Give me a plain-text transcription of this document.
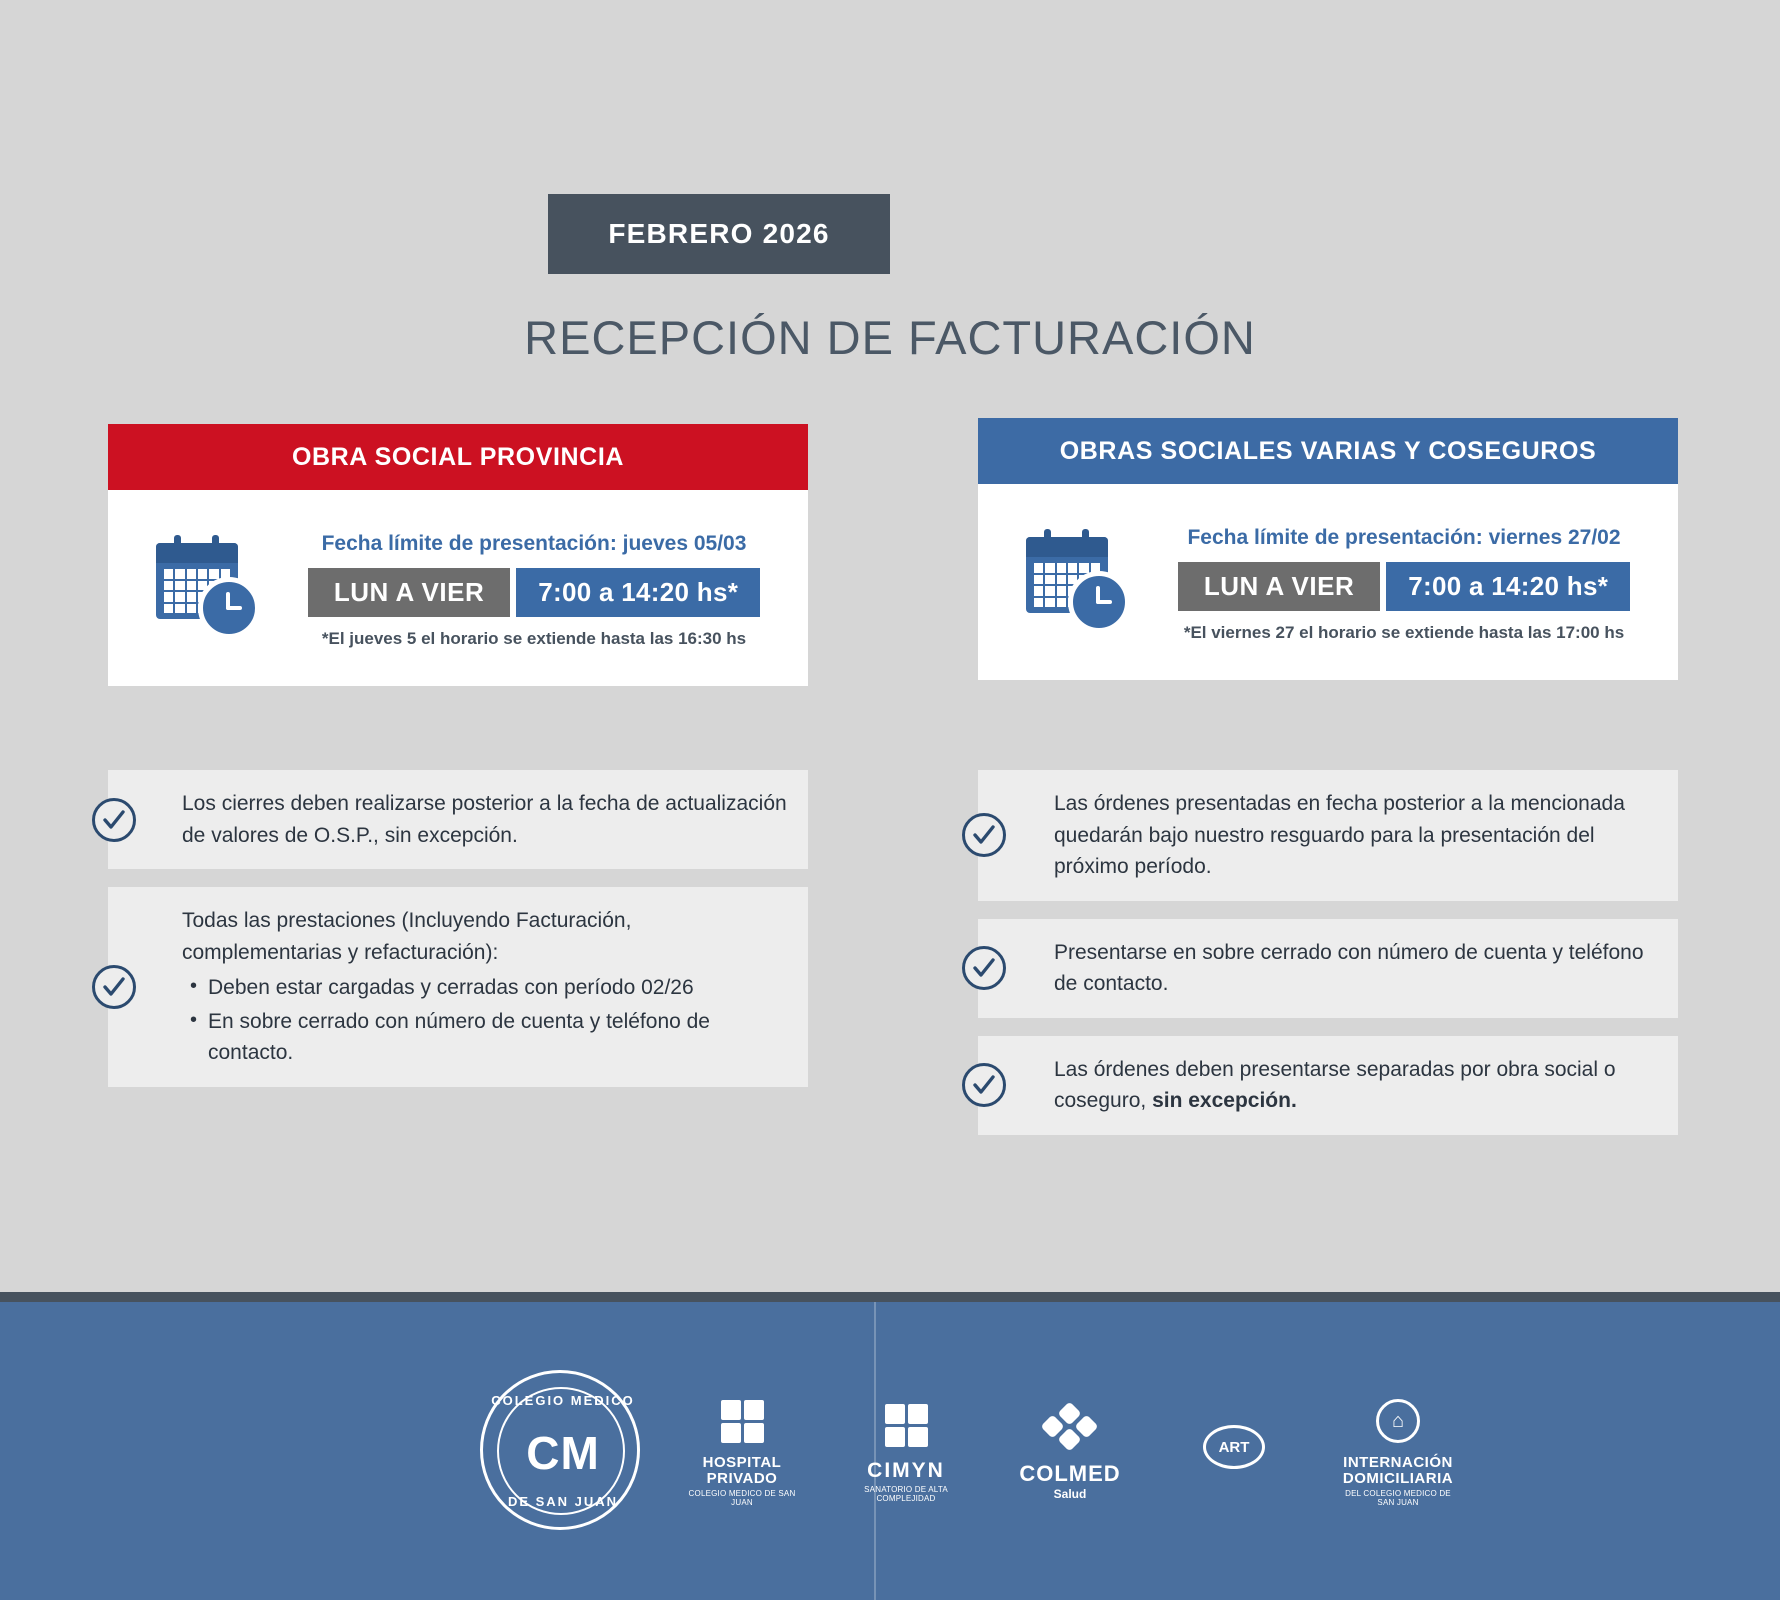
FEBRERO 2026
RECEPCIÓN DE FACTURACIÓN
OBRA SOCIAL PROVINCIA
Fecha límite de presentación: jueves 05/03
LUN A VIER	7:00 a 14:20 hs*
*El jueves 5 el horario se extiende hasta las 16:30 hs
OBRAS SOCIALES VARIAS Y COSEGUROS
Fecha límite de presentación: viernes 27/02
LUN A VIER	7:00 a 14:20 hs*
*El viernes 27 el horario se extiende hasta las 17:00 hs
Los cierres deben realizarse posterior a la fecha de actualización de valores de O.S.P., sin excepción.
Todas las prestaciones (Incluyendo Facturación, complementarias y refacturación):
• Deben estar cargadas y cerradas con período 02/26
• En sobre cerrado con número de cuenta y teléfono de contacto.
Las órdenes presentadas en fecha posterior a la mencionada quedarán bajo nuestro resguardo para la presentación del próximo período.
Presentarse en sobre cerrado con número de cuenta y teléfono de contacto.
Las órdenes deben presentarse separadas por obra social o coseguro, sin excepción.
COLEGIO MEDICO
CM
DE SAN JUAN
HOSPITAL
PRIVADO
COLEGIO MEDICO DE SAN JUAN
CIMYN
SANATORIO DE ALTA COMPLEJIDAD
COLMED
Salud
ART
⌂
INTERNACIÓN
DOMICILIARIA
DEL COLEGIO MEDICO DE SAN JUAN
